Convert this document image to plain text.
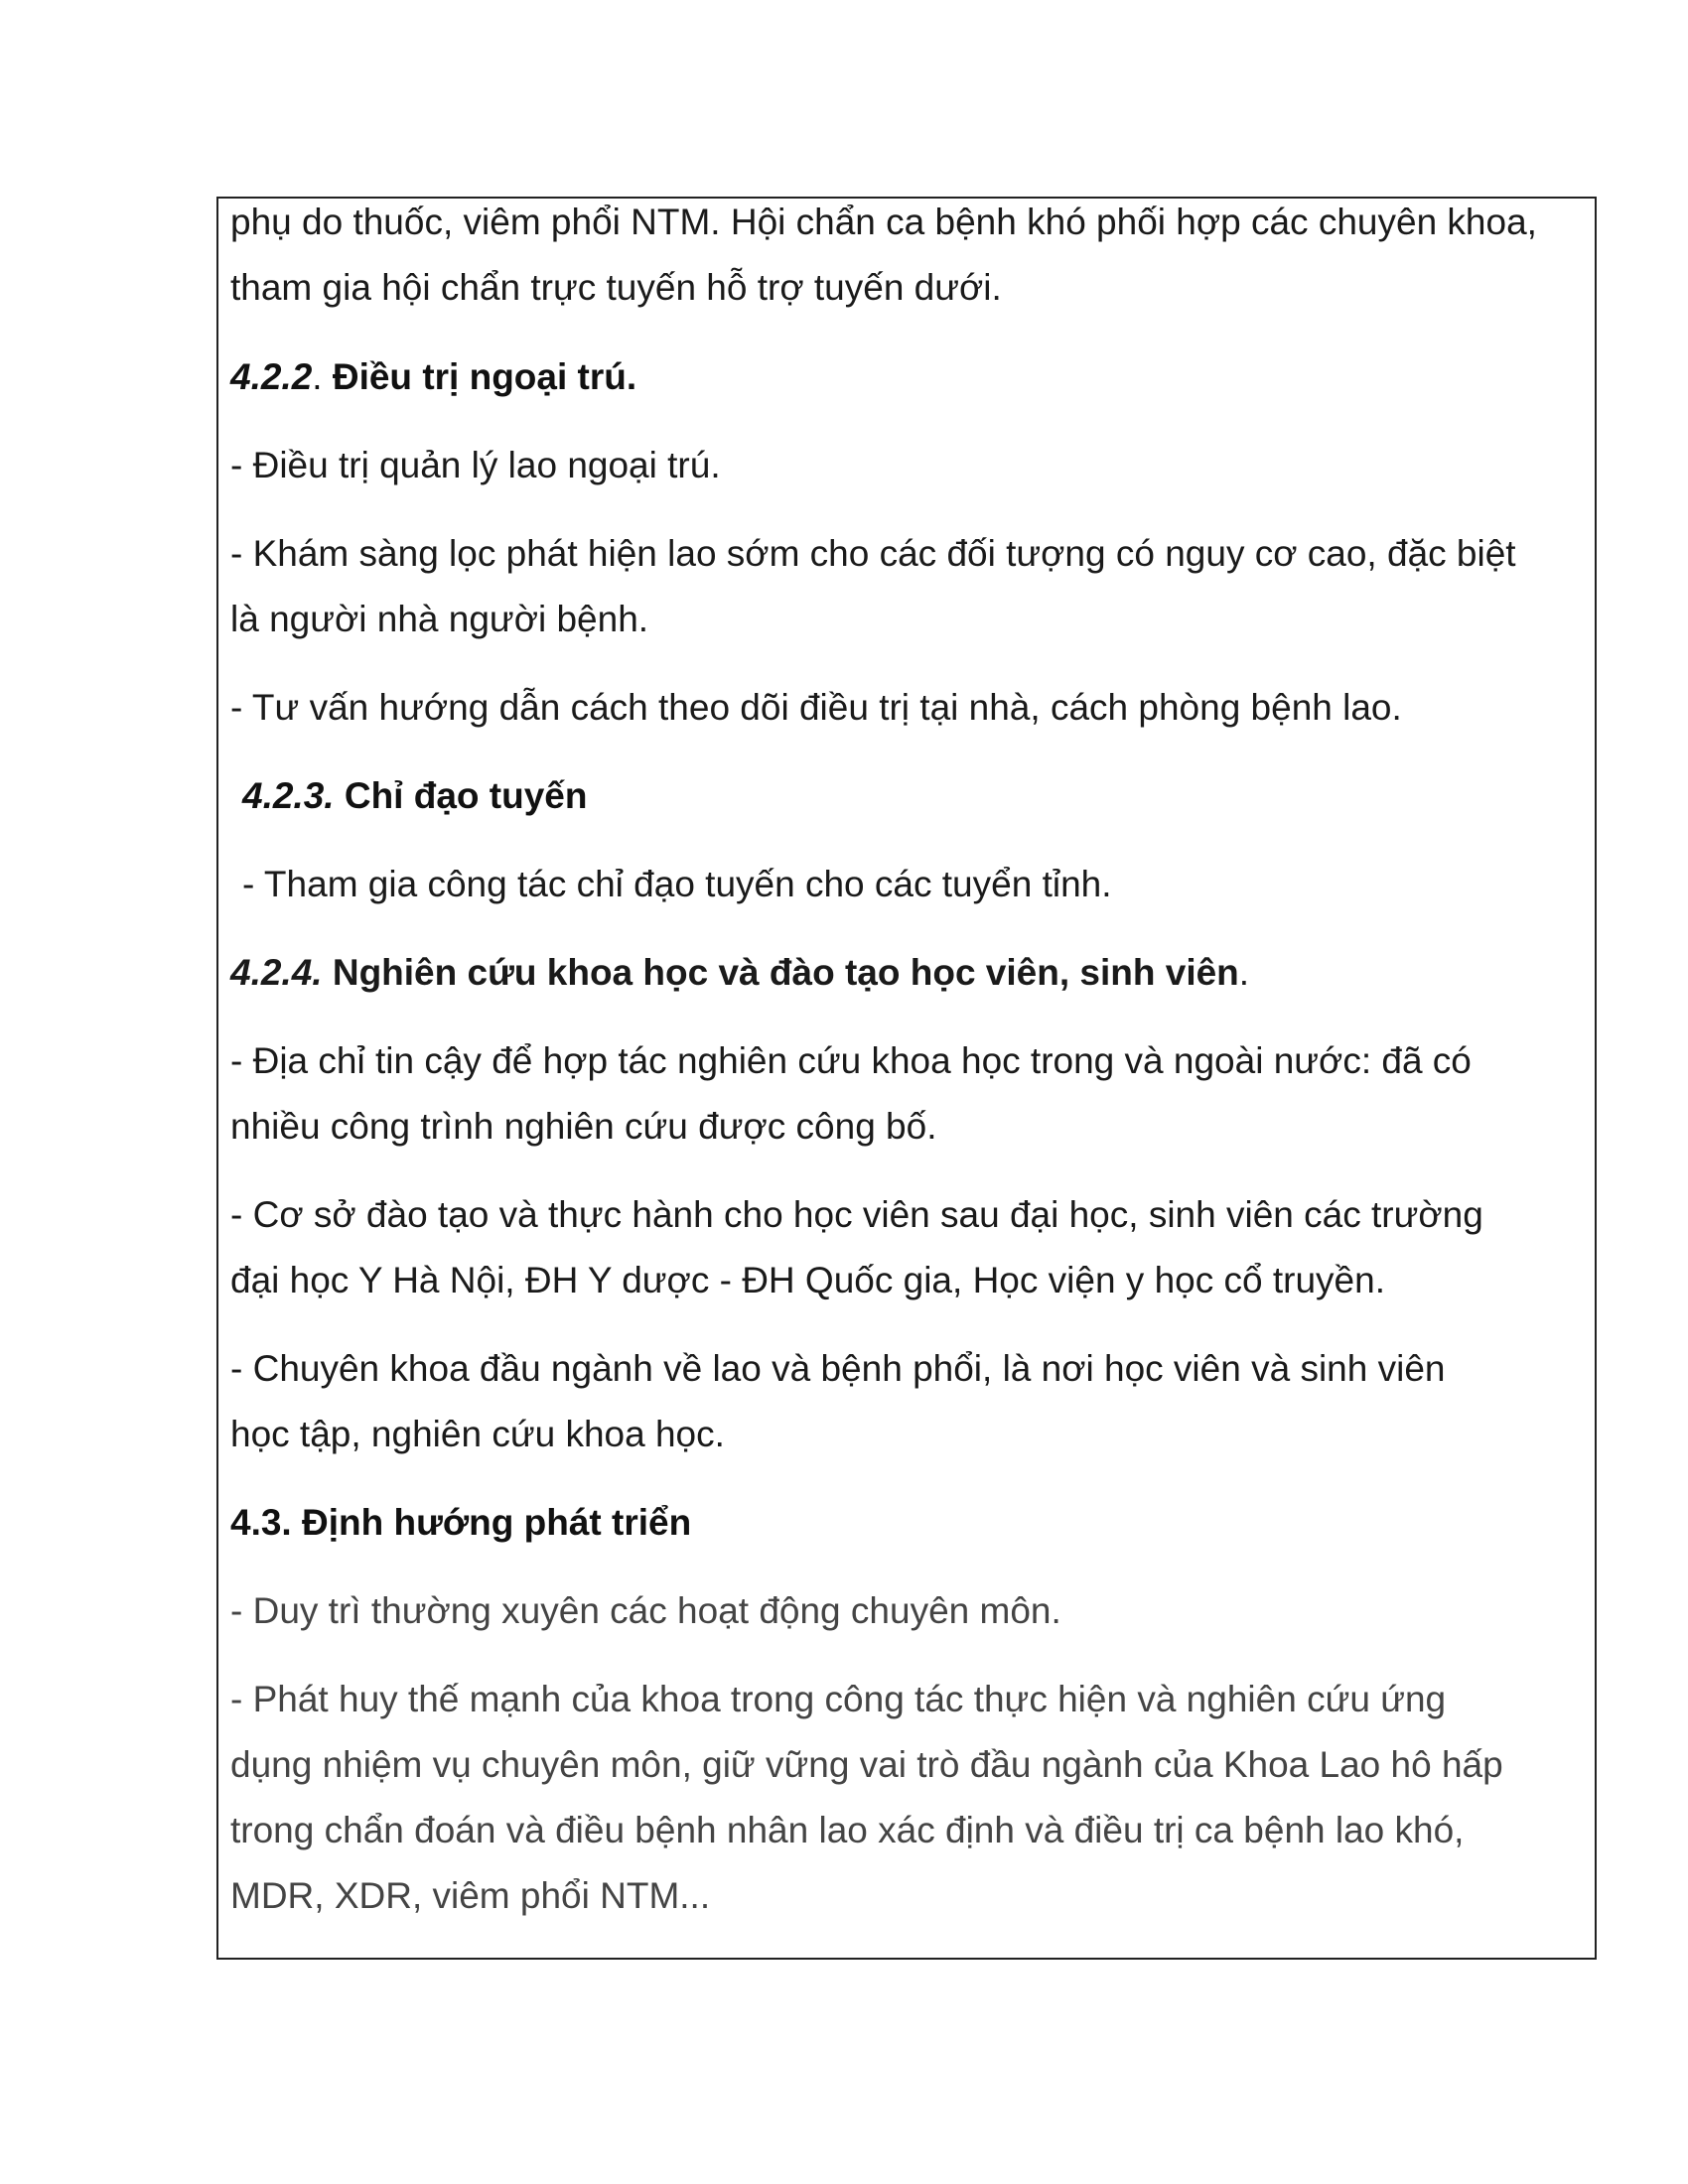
phụ do thuốc, viêm phổi NTM. Hội chẩn ca bệnh khó phối hợp các chuyên khoa,

tham gia hội chẩn trực tuyến hỗ trợ tuyến dưới.

4.2.2. Điều trị ngoại trú.

- Điều trị quản lý lao ngoại trú.

- Khám sàng lọc phát hiện lao sớm cho các đối tượng có nguy cơ cao, đặc biệt

là người nhà người bệnh.

- Tư vấn hướng dẫn cách theo dõi điều trị tại nhà, cách phòng bệnh lao.

4.2.3. Chỉ đạo tuyến

- Tham gia công tác chỉ đạo tuyến cho các tuyển tỉnh.

4.2.4. Nghiên cứu khoa học và đào tạo học viên, sinh viên.

- Địa chỉ tin cậy để hợp tác nghiên cứu khoa học trong và ngoài nước: đã có

nhiều công trình nghiên cứu được công bố.

- Cơ sở đào tạo và thực hành cho học viên sau đại học, sinh viên các trường

đại học Y Hà Nội, ĐH Y dược - ĐH Quốc gia, Học viện y học cổ truyền.

- Chuyên khoa đầu ngành về lao và bệnh phổi, là nơi học viên và sinh viên

học tập, nghiên cứu khoa học.

4.3. Định hướng phát triển

- Duy trì thường xuyên các hoạt động chuyên môn.

- Phát huy thế mạnh của khoa trong công tác thực hiện và nghiên cứu ứng

dụng nhiệm vụ chuyên môn, giữ vững vai trò đầu ngành của Khoa Lao hô hấp

trong chẩn đoán và điều bệnh nhân lao xác định và điều trị ca bệnh lao khó,

MDR, XDR, viêm phổi NTM...
